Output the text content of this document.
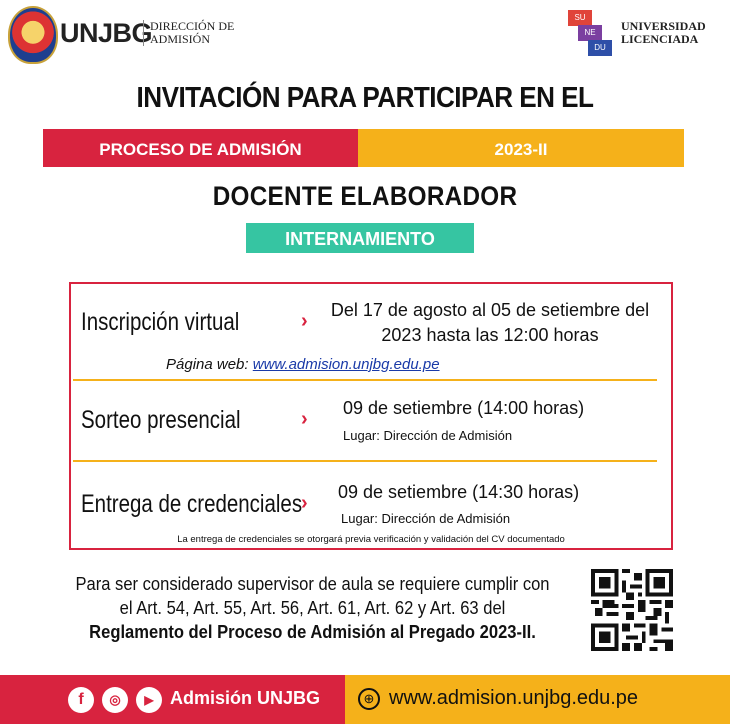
UNJBG
DIRECCIÓN DE
ADMISIÓN
SU
NE
DU
UNIVERSIDAD
LICENCIADA
INVITACIÓN PARA PARTICIPAR EN EL
PROCESO DE ADMISIÓN	2023-II
DOCENTE ELABORADOR
INTERNAMIENTO
Inscripción virtual	›	Del 17 de agosto al 05 de setiembre del
2023 hasta las 12:00 horas
Página web: www.admision.unjbg.edu.pe
Sorteo presencial	› 09 de setiembre (14:00 horas)
Lugar: Dirección de Admisión
Entrega de credenciales
› 09 de setiembre (14:30 horas)
Lugar: Dirección de Admisión
La entrega de credenciales se otorgará previa verificación y validación del CV documentado
Para ser considerado supervisor de aula se requiere cumplir con
el Art. 54, Art. 55, Art. 56, Art. 61, Art. 62 y Art. 63 del
Reglamento del Proceso de Admisión al Pregado 2023-II.
f	◎	▶ Admisión UNJBG	⊕ www.admision.unjbg.edu.pe
